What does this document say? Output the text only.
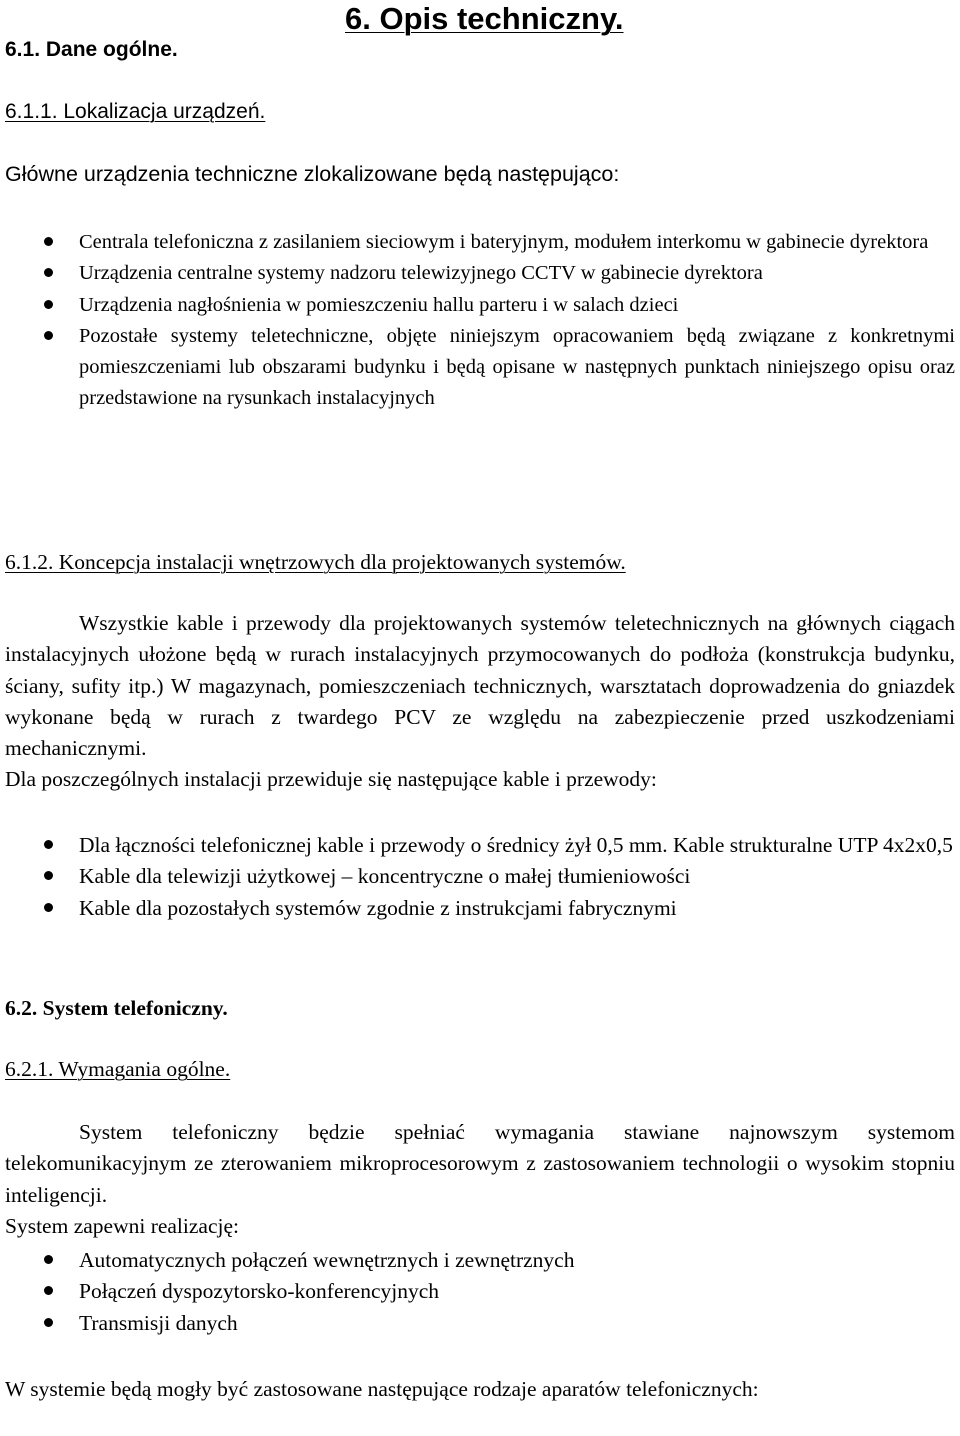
6. Opis techniczny.
6.1. Dane ogólne.
6.1.1. Lokalizacja urządzeń.

Główne urządzenia techniczne zlokalizowane będą następująco:

Centrala telefoniczna z zasilaniem sieciowym i bateryjnym, modułem interkomu w gabinecie dyrektora
Urządzenia centralne systemy nadzoru telewizyjnego CCTV w gabinecie dyrektora
Urządzenia nagłośnienia w pomieszczeniu hallu parteru i w salach dzieci
Pozostałe systemy teletechniczne, objęte niniejszym opracowaniem będą związane z konkretnymi pomieszczeniami lub obszarami budynku i będą opisane w następnych punktach niniejszego opisu oraz przedstawione na rysunkach instalacyjnych
6.1.2. Koncepcja instalacji wnętrzowych dla projektowanych systemów.

Wszystkie kable i przewody dla projektowanych systemów teletechnicznych na głównych ciągach instalacyjnych ułożone będą w rurach instalacyjnych przymocowanych do podłoża (konstrukcja budynku, ściany, sufity itp.) W magazynach, pomieszczeniach technicznych, warsztatach doprowadzenia do gniazdek wykonane będą w rurach z twardego PCV ze względu na zabezpieczenie przed uszkodzeniami mechanicznymi.

Dla poszczególnych instalacji przewiduje się następujące kable i przewody:

Dla łączności telefonicznej kable i przewody o średnicy żył 0,5 mm. Kable strukturalne UTP 4x2x0,5
Kable dla telewizji użytkowej – koncentryczne o małej tłumieniowości
Kable dla pozostałych systemów zgodnie z instrukcjami fabrycznymi
6.2. System telefoniczny.
6.2.1. Wymagania ogólne.

System telefoniczny będzie spełniać wymagania stawiane najnowszym systemom telekomunikacyjnym ze zterowaniem mikroprocesorowym z zastosowaniem technologii o wysokim stopniu inteligencji.

System zapewni realizację:

Automatycznych połączeń wewnętrznych i zewnętrznych
Połączeń dyspozytorsko-konferencyjnych
Transmisji danych

W systemie będą mogły być zastosowane następujące rodzaje aparatów telefonicznych:
